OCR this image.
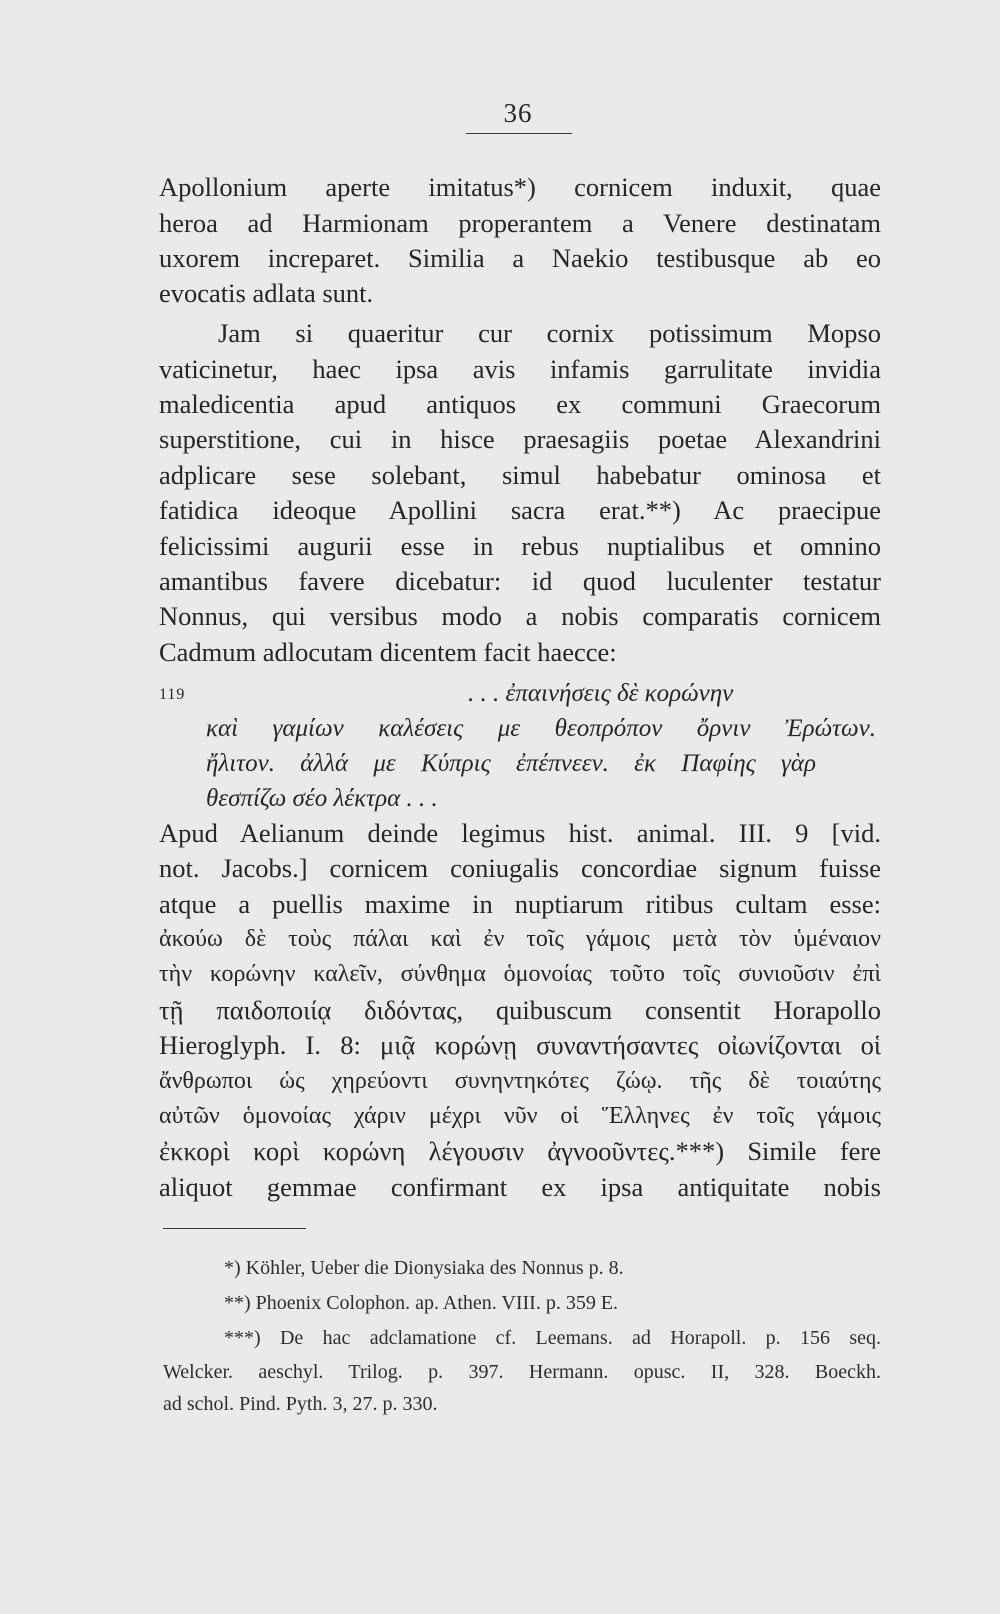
36
Apollonium aperte imitatus*) cornicem induxit, quae
heroa ad Harmionam properantem a Venere destinatam
uxorem increparet. Similia a Naekio testibusque ab eo
evocatis adlata sunt.
Jam si quaeritur cur cornix potissimum Mopso
vaticinetur, haec ipsa avis infamis garrulitate invidia
maledicentia apud antiquos ex communi Graecorum
superstitione, cui in hisce praesagiis poetae Alexandrini
adplicare sese solebant, simul habebatur ominosa et
fatidica ideoque Apollini sacra erat.**) Ac praecipue
felicissimi augurii esse in rebus nuptialibus et omnino
amantibus favere dicebatur: id quod luculenter testatur
Nonnus, qui versibus modo a nobis comparatis cornicem
Cadmum adlocutam dicentem facit haecce:
119	. . . ἐπαινήσεις δὲ κορώνην
καὶ γαμίων καλέσεις με θεοπρόπον ὄρνιν Ἐρώτων.
ἤλιτον. ἀλλά με Κύπρις ἐπέπνεεν. ἐκ Παφίης γὰρ
θεσπίζω σέο λέκτρα . . .
Apud Aelianum deinde legimus hist. animal. III. 9 [vid.
not. Jacobs.] cornicem coniugalis concordiae signum fuisse
atque a puellis maxime in nuptiarum ritibus cultam esse:
ἀκούω δὲ τοὺς πάλαι καὶ ἐν τοῖς γάμοις μετὰ τὸν ὑμέναιον
τὴν κορώνην καλεῖν, σύνθημα ὁμονοίας τοῦτο τοῖς συνιοῦσιν ἐπὶ
τῇ παιδοποιίᾳ διδόντας, quibuscum consentit Horapollo
Hieroglyph. I. 8: μιᾷ κορώνῃ συναντήσαντες οἰωνίζονται οἱ
ἄνθρωποι ὡς χηρεύοντι συνηντηκότες ζώῳ. τῆς δὲ τοιαύτης
αὐτῶν ὁμονοίας χάριν μέχρι νῦν οἱ Ἕλληνες ἐν τοῖς γάμοις
ἐκκορὶ κορὶ κορώνη λέγουσιν ἀγνοοῦντες.***) Simile fere
aliquot gemmae confirmant ex ipsa antiquitate nobis
*) Köhler, Ueber die Dionysiaka des Nonnus p. 8.
**) Phoenix Colophon. ap. Athen. VIII. p. 359 E.
***) De hac adclamatione cf. Leemans. ad Horapoll. p. 156 seq.
Welcker. aeschyl. Trilog. p. 397. Hermann. opusc. II, 328. Boeckh.
ad schol. Pind. Pyth. 3, 27. p. 330.
